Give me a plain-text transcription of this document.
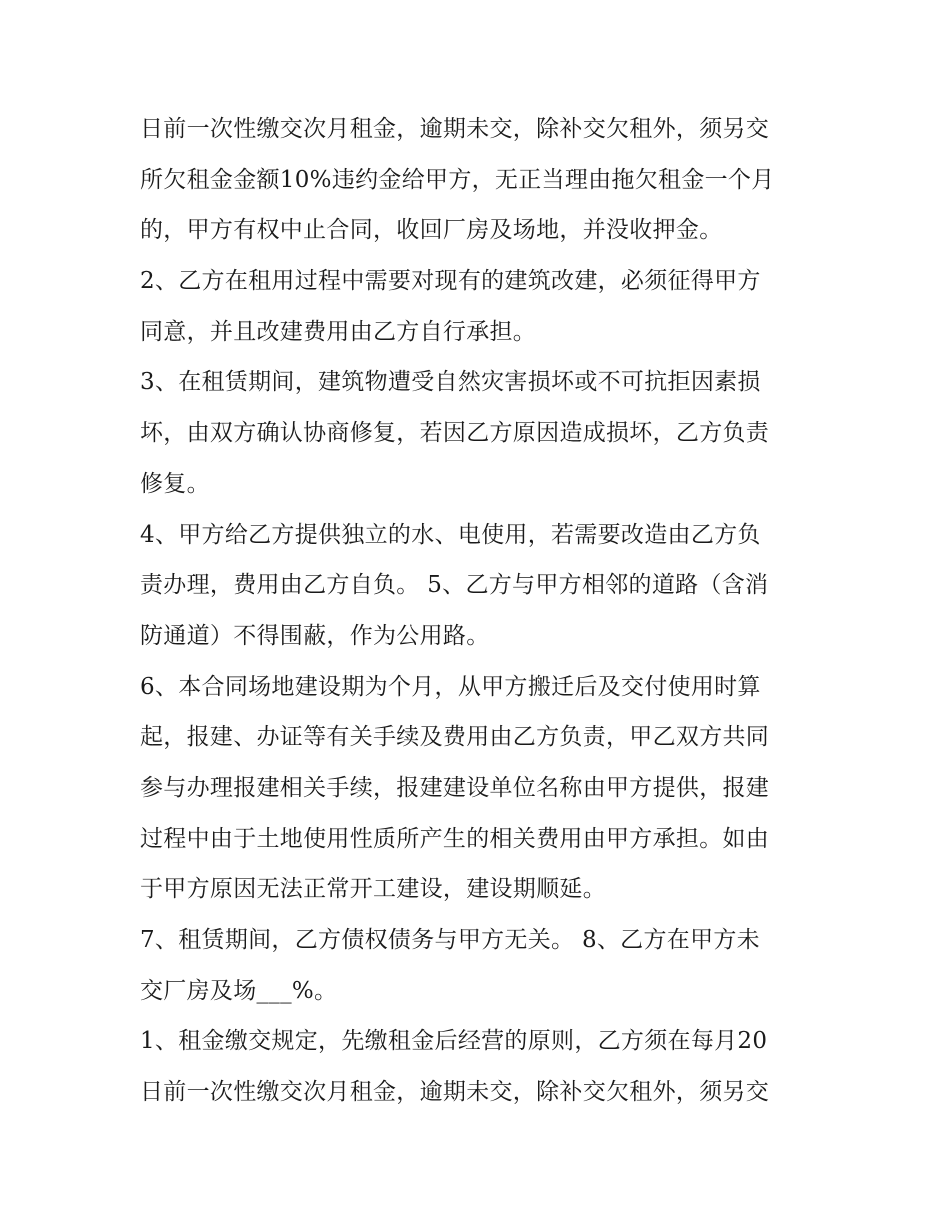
日前一次性缴交次月租金，逾期未交，除补交欠租外，须另交
所欠租金金额10%违约金给甲方，无正当理由拖欠租金一个月
的，甲方有权中止合同，收回厂房及场地，并没收押金。
2、乙方在租用过程中需要对现有的建筑改建，必须征得甲方
同意，并且改建费用由乙方自行承担。
3、在租赁期间，建筑物遭受自然灾害损坏或不可抗拒因素损
坏，由双方确认协商修复，若因乙方原因造成损坏，乙方负责
修复。
4、甲方给乙方提供独立的水、电使用，若需要改造由乙方负
责办理，费用由乙方自负。 5、乙方与甲方相邻的道路（含消
防通道）不得围蔽，作为公用路。
6、本合同场地建设期为个月，从甲方搬迁后及交付使用时算
起，报建、办证等有关手续及费用由乙方负责，甲乙双方共同
参与办理报建相关手续，报建建设单位名称由甲方提供，报建
过程中由于土地使用性质所产生的相关费用由甲方承担。如由
于甲方原因无法正常开工建设，建设期顺延。
7、租赁期间，乙方债权债务与甲方无关。 8、乙方在甲方未
交厂房及场___%。
1、租金缴交规定，先缴租金后经营的原则，乙方须在每月20
日前一次性缴交次月租金，逾期未交，除补交欠租外，须另交
